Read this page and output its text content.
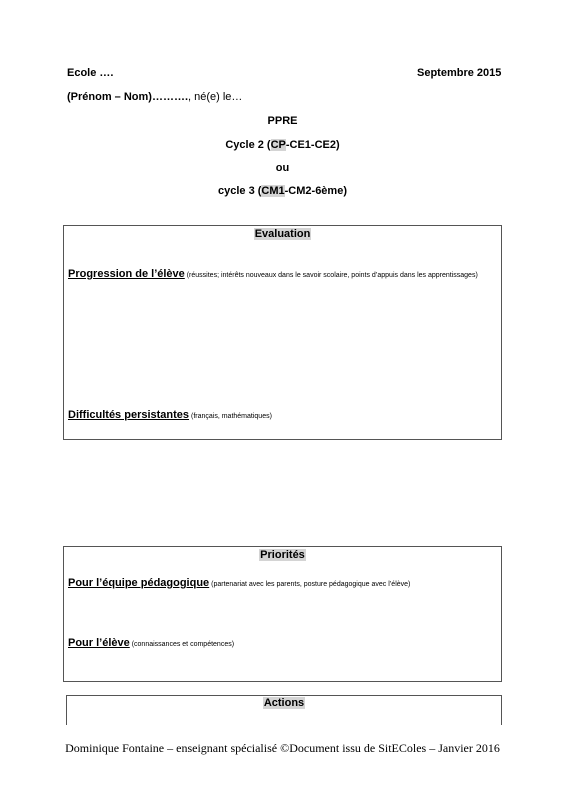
Ecole ….	Septembre 2015
(Prénom – Nom)………., né(e) le…
PPRE
Cycle 2 (CP-CE1-CE2)
ou
cycle 3 (CM1-CM2-6ème)
Evaluation
Progression de l’élève (réussites; intérêts nouveaux dans le savoir scolaire, points d’appuis dans les apprentissages)
Difficultés persistantes (français, mathématiques)
Priorités
Pour l’équipe pédagogique (partenariat avec les parents, posture pédagogique avec l’élève)
Pour l’élève (connaissances et compétences)
Actions
Dominique Fontaine – enseignant spécialisé ©Document issu de SitEColes – Janvier 2016
